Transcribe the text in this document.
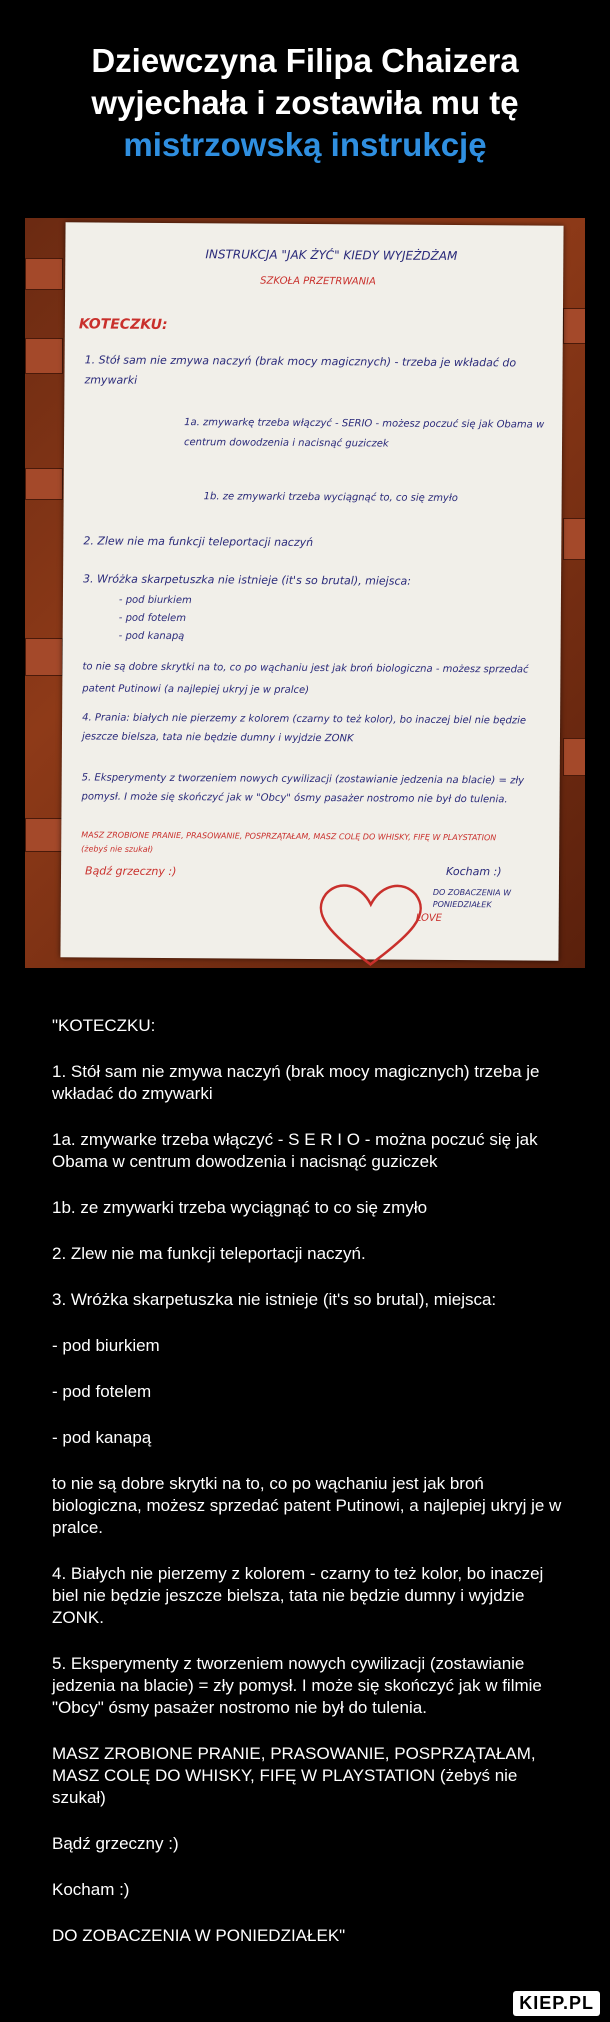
Dziewczyna Filipa Chaizera
wyjechała i zostawiła mu tę
mistrzowską instrukcję
INSTRUKCJA "JAK ŻYĆ" KIEDY WYJEŻDŻAM
SZKOŁA PRZETRWANIA
KOTECZKU:
1. Stół sam nie zmywa naczyń (brak mocy magicznych) - trzeba je wkładać do zmywarki
1a. zmywarkę trzeba włączyć - SERIO - możesz poczuć się jak Obama w centrum dowodzenia i nacisnąć guziczek
1b. ze zmywarki trzeba wyciągnąć to, co się zmyło
2. Zlew nie ma funkcji teleportacji naczyń
3. Wróżka skarpetuszka nie istnieje (it's so brutal), miejsca:
- pod biurkiem
- pod fotelem
- pod kanapą
to nie są dobre skrytki na to, co po wąchaniu jest jak broń biologiczna - możesz sprzedać patent Putinowi (a najlepiej ukryj je w pralce)
4. Prania: białych nie pierzemy z kolorem (czarny to też kolor), bo inaczej biel nie będzie jeszcze bielsza, tata nie będzie dumny i wyjdzie ZONK
5. Eksperymenty z tworzeniem nowych cywilizacji (zostawianie jedzenia na blacie) = zły pomysł. I może się skończyć jak w "Obcy" ósmy pasażer nostromo nie był do tulenia.
MASZ ZROBIONE PRANIE, PRASOWANIE, POSPRZĄTAŁAM, MASZ COLĘ DO WHISKY, FIFĘ W PLAYSTATION (żebyś nie szukał)
Bądź grzeczny :)	Kocham :)
DO ZOBACZENIA W PONIEDZIAŁEK
LOVE

"KOTECZKU:

1. Stół sam nie zmywa naczyń (brak mocy magicznych) trzeba je wkładać do zmywarki

1a. zmywarke trzeba włączyć - S E R I O - można poczuć się jak Obama w centrum dowodzenia i nacisnąć guziczek

1b. ze zmywarki trzeba wyciągnąć to co się zmyło

2. Zlew nie ma funkcji teleportacji naczyń.

3. Wróżka skarpetuszka nie istnieje (it's so brutal), miejsca:

- pod biurkiem

- pod fotelem

- pod kanapą

to nie są dobre skrytki na to, co po wąchaniu jest jak broń biologiczna, możesz sprzedać patent Putinowi, a najlepiej ukryj je w pralce.

4. Białych nie pierzemy z kolorem - czarny to też kolor, bo inaczej biel nie będzie jeszcze bielsza, tata nie będzie dumny i wyjdzie ZONK.

5. Eksperymenty z tworzeniem nowych cywilizacji (zostawianie jedzenia na blacie) = zły pomysł. I może się skończyć jak w filmie "Obcy" ósmy pasażer nostromo nie był do tulenia.

MASZ ZROBIONE PRANIE, PRASOWANIE, POSPRZĄTAŁAM, MASZ COLĘ DO WHISKY, FIFĘ W PLAYSTATION (żebyś nie szukał)

Bądź grzeczny :)

Kocham :)

DO ZOBACZENIA W PONIEDZIAŁEK"

KIEP.PL
